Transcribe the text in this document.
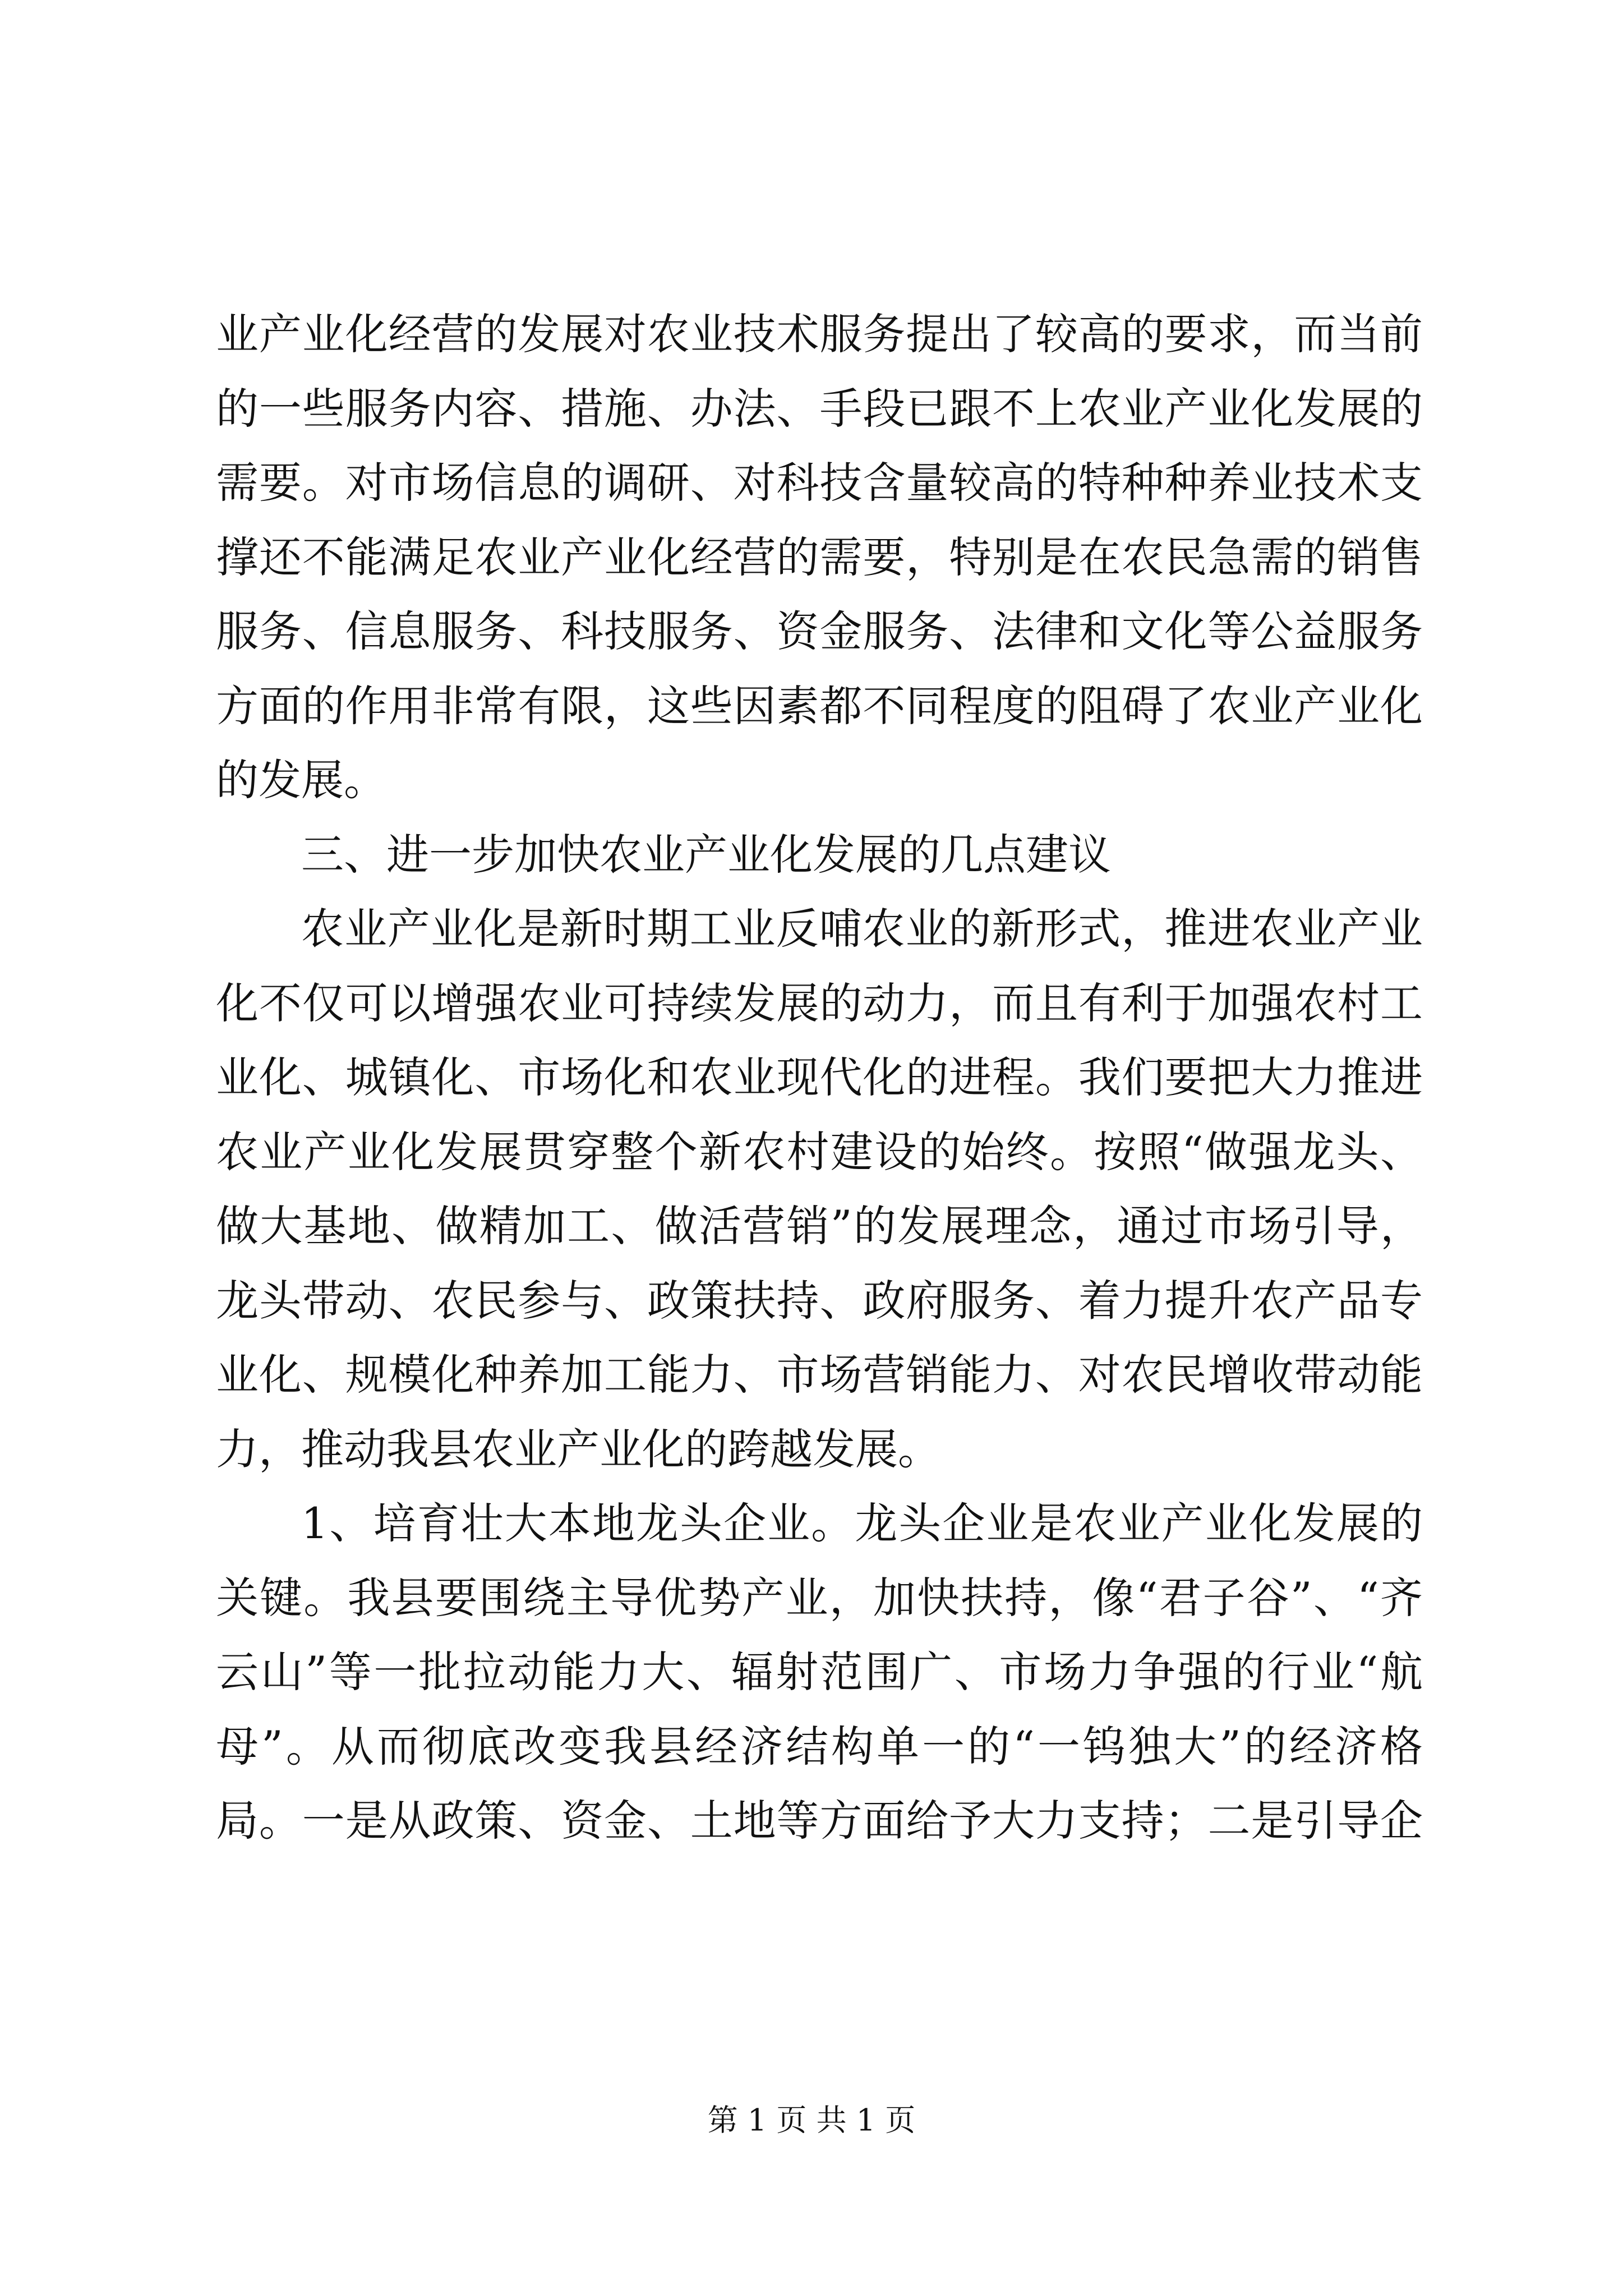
业产业化经营的发展对农业技术服务提出了较高的要求，而当前
的一些服务内容、措施、办法、手段已跟不上农业产业化发展的
需要。对市场信息的调研、对科技含量较高的特种种养业技术支
撑还不能满足农业产业化经营的需要，特别是在农民急需的销售
服务、信息服务、科技服务、资金服务、法律和文化等公益服务
方面的作用非常有限，这些因素都不同程度的阻碍了农业产业化
的发展。
三、进一步加快农业产业化发展的几点建议
农业产业化是新时期工业反哺农业的新形式，推进农业产业
化不仅可以增强农业可持续发展的动力，而且有利于加强农村工
业化、城镇化、市场化和农业现代化的进程。我们要把大力推进
农业产业化发展贯穿整个新农村建设的始终。按照“做强龙头、
做大基地、做精加工、做活营销”的发展理念，通过市场引导，
龙头带动、农民参与、政策扶持、政府服务、着力提升农产品专
业化、规模化种养加工能力、市场营销能力、对农民增收带动能
力，推动我县农业产业化的跨越发展。
1、培育壮大本地龙头企业。龙头企业是农业产业化发展的
关键。我县要围绕主导优势产业，加快扶持，像“君子谷”、“齐
云山”等一批拉动能力大、辐射范围广、市场力争强的行业“航
母”。从而彻底改变我县经济结构单一的“一钨独大”的经济格
局。一是从政策、资金、土地等方面给予大力支持；二是引导企
第 1 页 共 1 页
